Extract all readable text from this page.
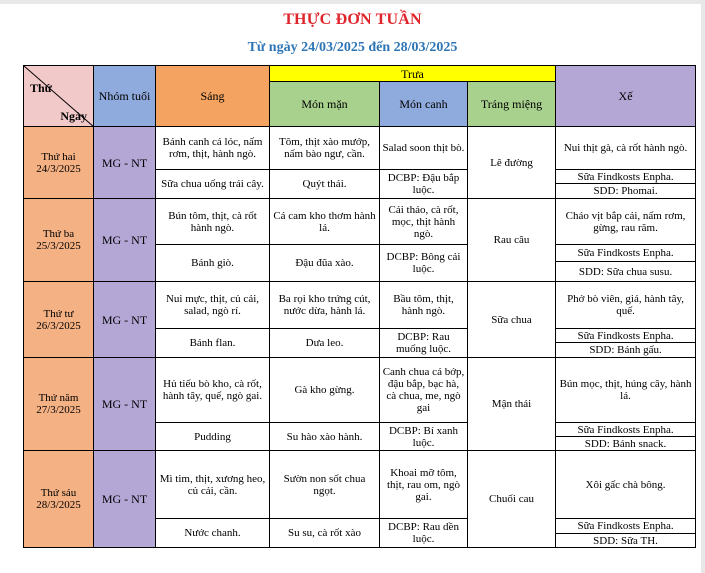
THỰC ĐƠN TUẦN
Từ ngày 24/03/2025 đến 28/03/2025
Thứ
Ngày	Nhóm tuổi	Sáng	Trưa			Xế
			Món mặn	Món canh	Tráng miệng	

Thứ hai
24/3/2025	MG - NT	Bánh canh cá lóc, nấm rơm, thịt, hành ngò.	Tôm, thịt xào mướp, nấm bào ngư, cần.	Salad soon thịt bò.	Lê đường	Nui thịt gà, cà rốt hành ngò.
		Sữa chua uống trái cây.	Quýt thái.	DCBP: Đậu bắp luộc.		Sữa Findkosts Enpha.
						SDD: Phomai.

Thứ ba
25/3/2025	MG - NT	Bún tôm, thịt, cà rốt hành ngò.	Cá cam kho thơm hành lá.	Cải thảo, cà rốt, mọc, thịt hành ngò.	Rau câu	Cháo vịt bắp cải, nấm rơm, gừng, rau răm.
		Bánh giò.	Đậu đũa xào.	DCBP: Bông cải luộc.		Sữa Findkosts Enpha.
						SDD: Sữa chua susu.

Thứ tư
26/3/2025	MG - NT	Nui mực, thịt, củ cải, salad, ngò rí.	Ba rọi kho trứng cút, nước dừa, hành lá.	Bầu tôm, thịt, hành ngò.	Sữa chua	Phở bò viên, giá, hành tây, quế.
		Bánh flan.	Dưa leo.	DCBP: Rau muống luộc.		Sữa Findkosts Enpha.
						SDD: Bánh gấu.

Thứ năm
27/3/2025	MG - NT	Hủ tiếu bò kho, cà rốt, hành tây, quế, ngò gai.	Gà kho gừng.	Canh chua cá bớp, đậu bắp, bạc hà, cà chua, me, ngò gai	Mận thái	Bún mọc, thịt, húng cây, hành lá.
		Pudding	Su hào xào hành.	DCBP: Bí xanh luộc.		Sữa Findkosts Enpha.
						SDD: Bánh snack.

Thứ sáu
28/3/2025	MG - NT	Mì tim, thịt, xương heo, củ cải, cần.	Sườn non sốt chua ngọt.	Khoai mỡ tôm, thịt, rau om, ngò gai.	Chuối cau	Xôi gấc chà bông.
		Nước chanh.	Su su, cà rốt xào	DCBP: Rau dền luộc.		Sữa Findkosts Enpha.
						SDD: Sữa TH.
